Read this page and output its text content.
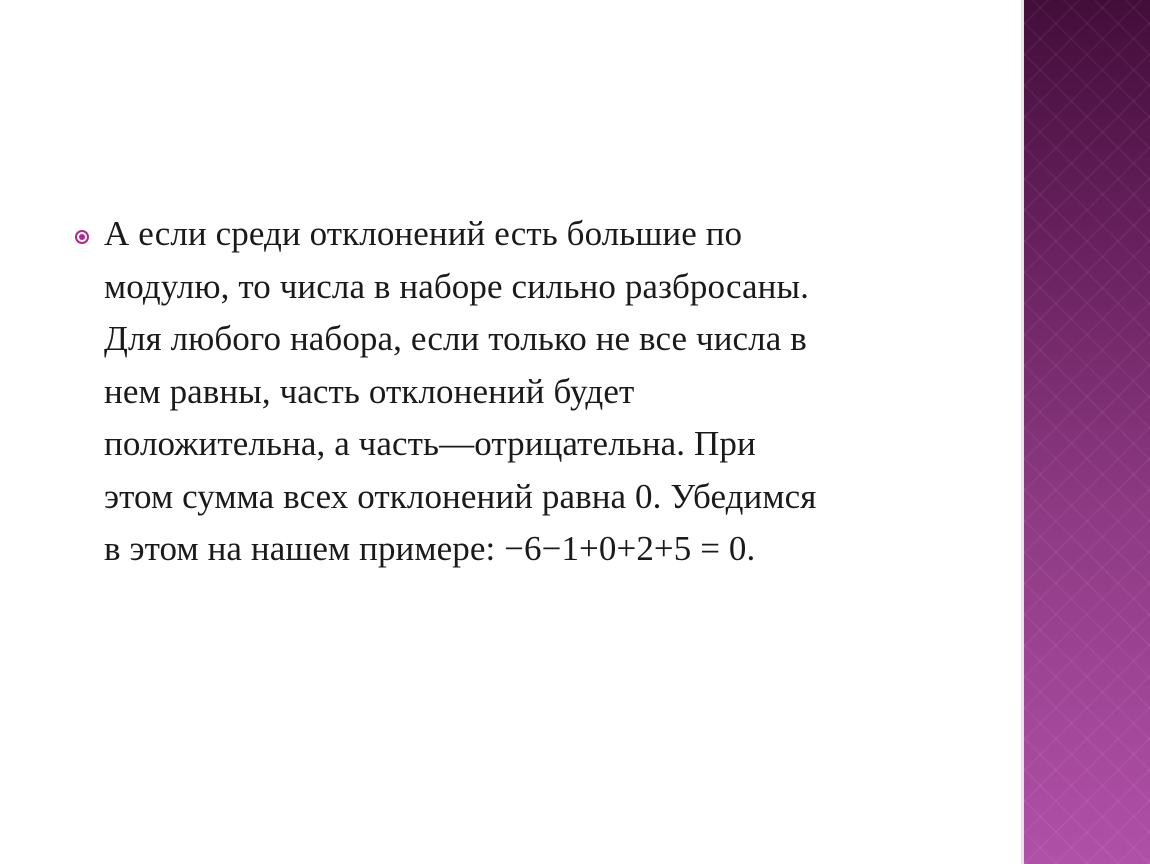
А если среди отклонений есть большие по
модулю, то числа в наборе сильно разбросаны.
Для любого набора, если только не все числа в
нем равны, часть отклонений будет
положительна, а часть—отрицательна. При
этом сумма всех отклонений равна 0. Убедимся
в этом на нашем примере: −6−1+0+2+5 = 0.
